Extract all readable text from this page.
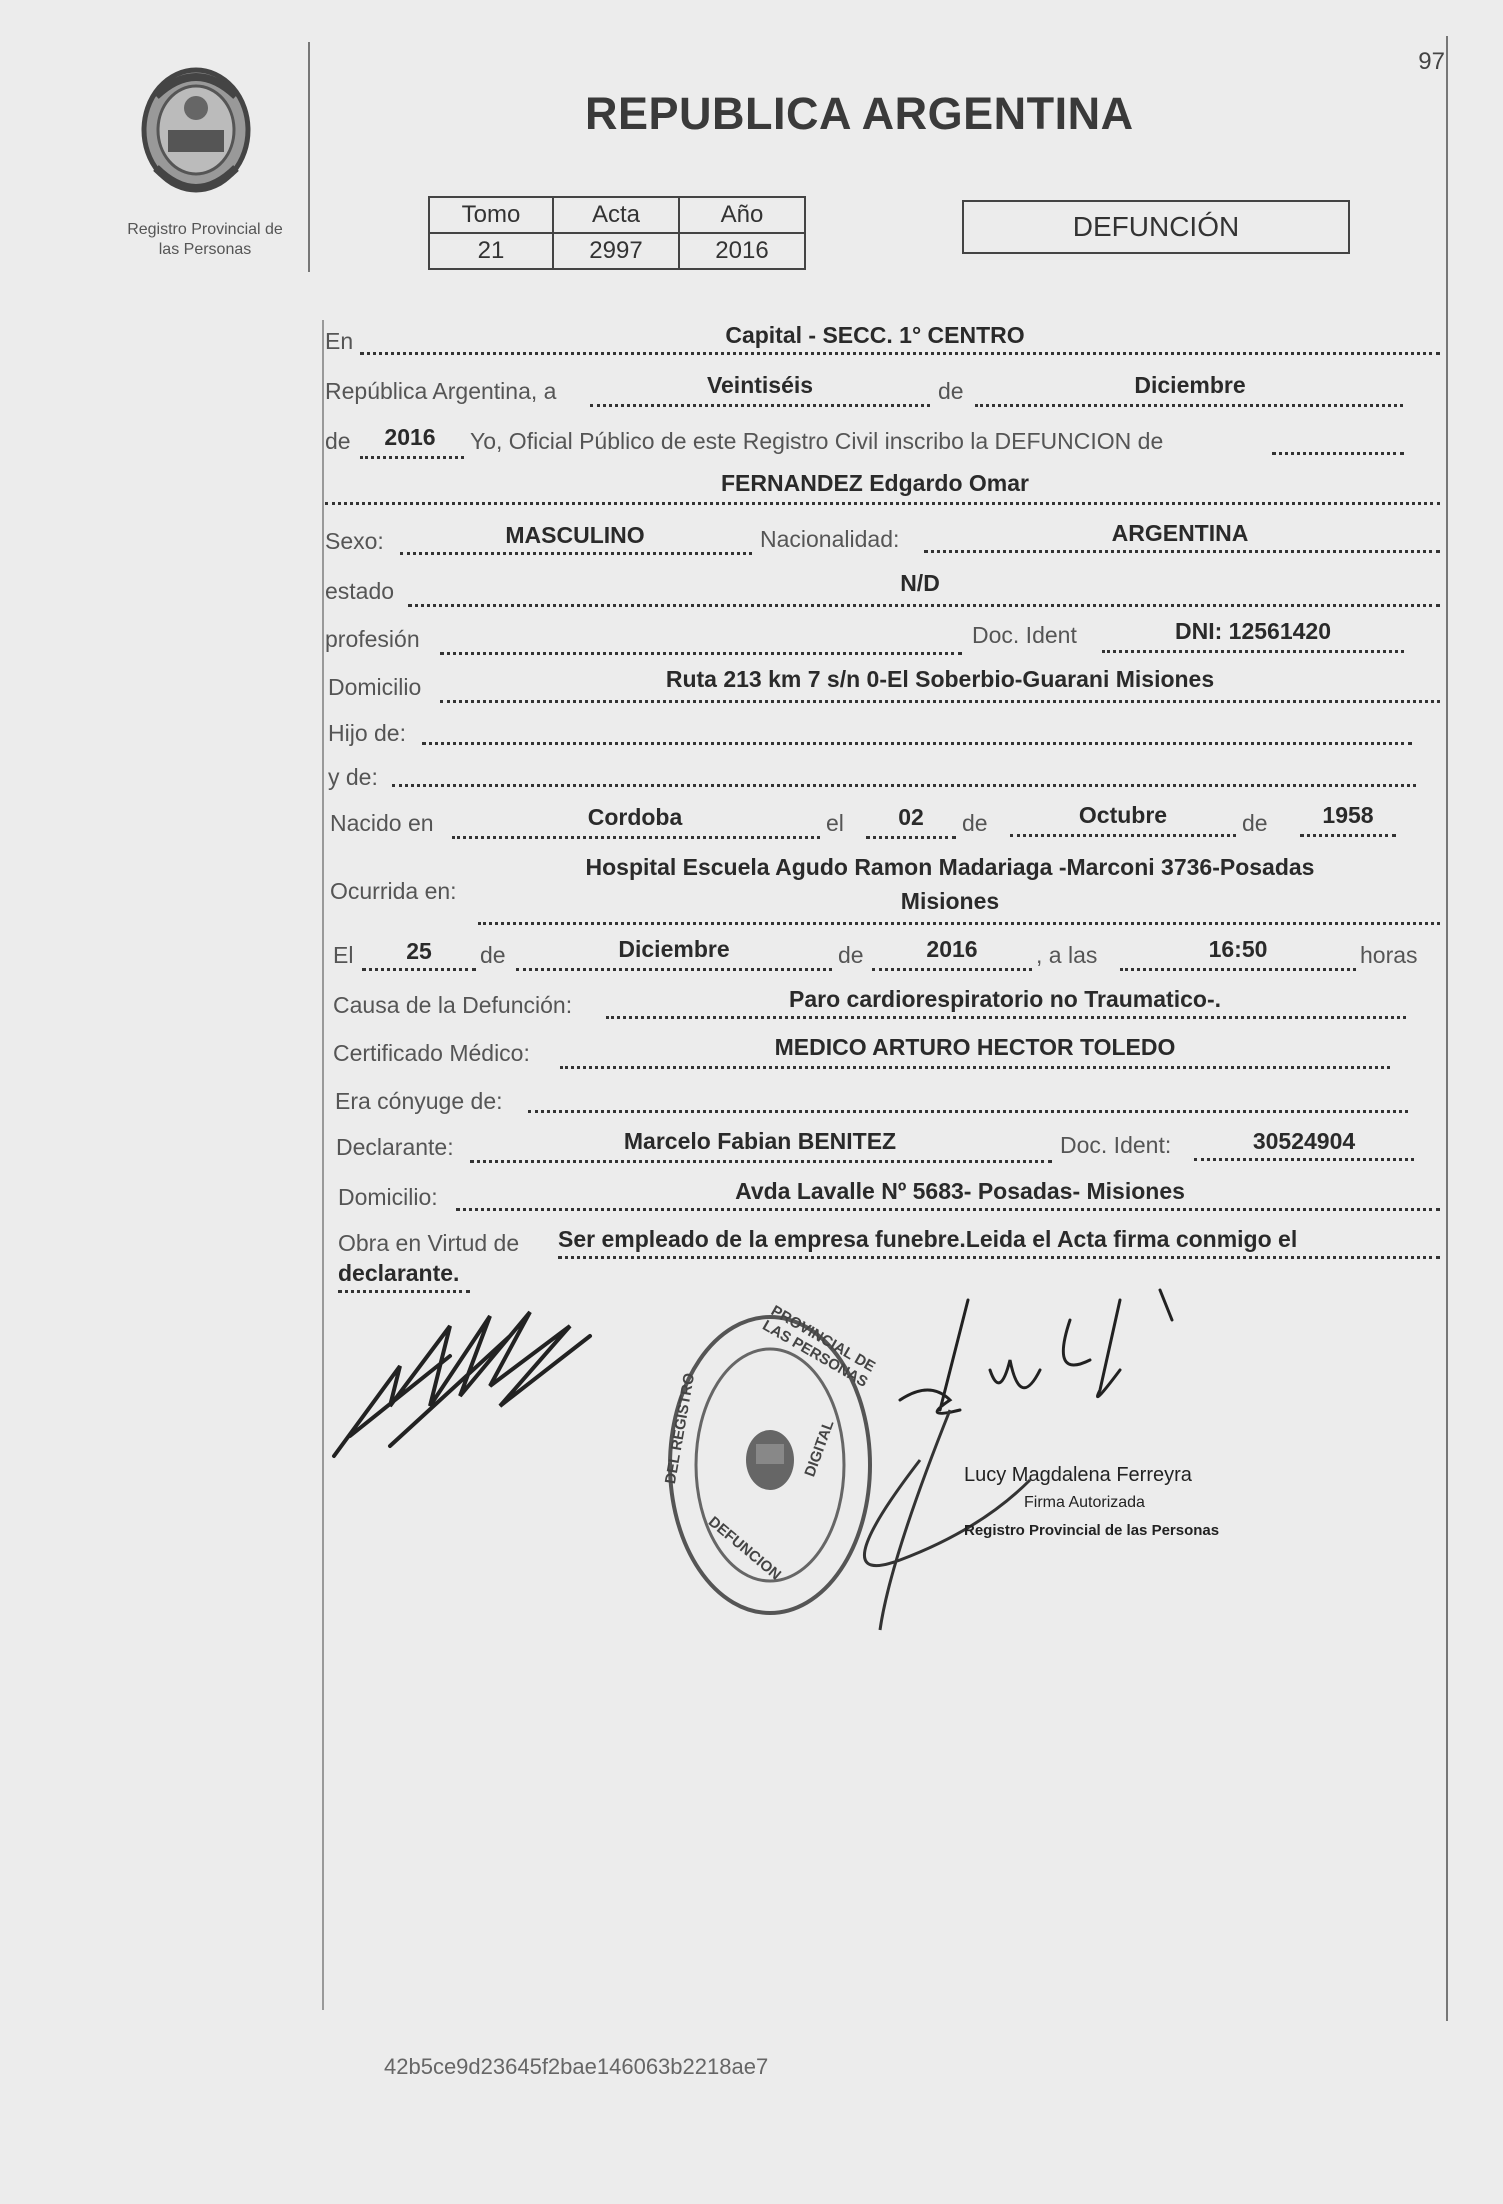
97
Registro Provincial de
las Personas
REPUBLICA ARGENTINA
Tomo	Acta	Año
21	2997	2016
DEFUNCIÓN
En	Capital - SECC. 1° CENTRO
República Argentina, a	Veintiséis	de	Diciembre
de	2016	Yo, Oficial Público de este Registro Civil inscribo la DEFUNCION de
FERNANDEZ Edgardo Omar
Sexo:	MASCULINO	Nacionalidad:	ARGENTINA
estado	N/D
profesión	Doc. Ident	DNI: 12561420
Domicilio	Ruta 213 km 7 s/n 0-El Soberbio-Guarani Misiones
Hijo de:
y de:
Nacido en	Cordoba	el	02	de	Octubre	de	1958
Ocurrida en:
Hospital Escuela Agudo Ramon Madariaga -Marconi 3736-Posadas
Misiones
El	25	de	Diciembre	de	2016	, a las	16:50	horas
Causa de la Defunción:	Paro cardiorespiratorio no Traumatico-.
Certificado Médico:	MEDICO ARTURO HECTOR TOLEDO
Era cónyuge de:
Declarante:	Marcelo Fabian BENITEZ	Doc. Ident:	30524904
Domicilio:	Avda Lavalle Nº 5683- Posadas- Misiones
Obra en Virtud de Ser empleado de la empresa funebre.Leida el Acta firma conmigo el
declarante.
PROVINCIAL DE LAS PERSONAS
DEL REGISTRO
DEFUNCION
DIGITAL	Lucy Magdalena Ferreyra
Firma Autorizada
Registro Provincial de las Personas
42b5ce9d23645f2bae146063b2218ae7
